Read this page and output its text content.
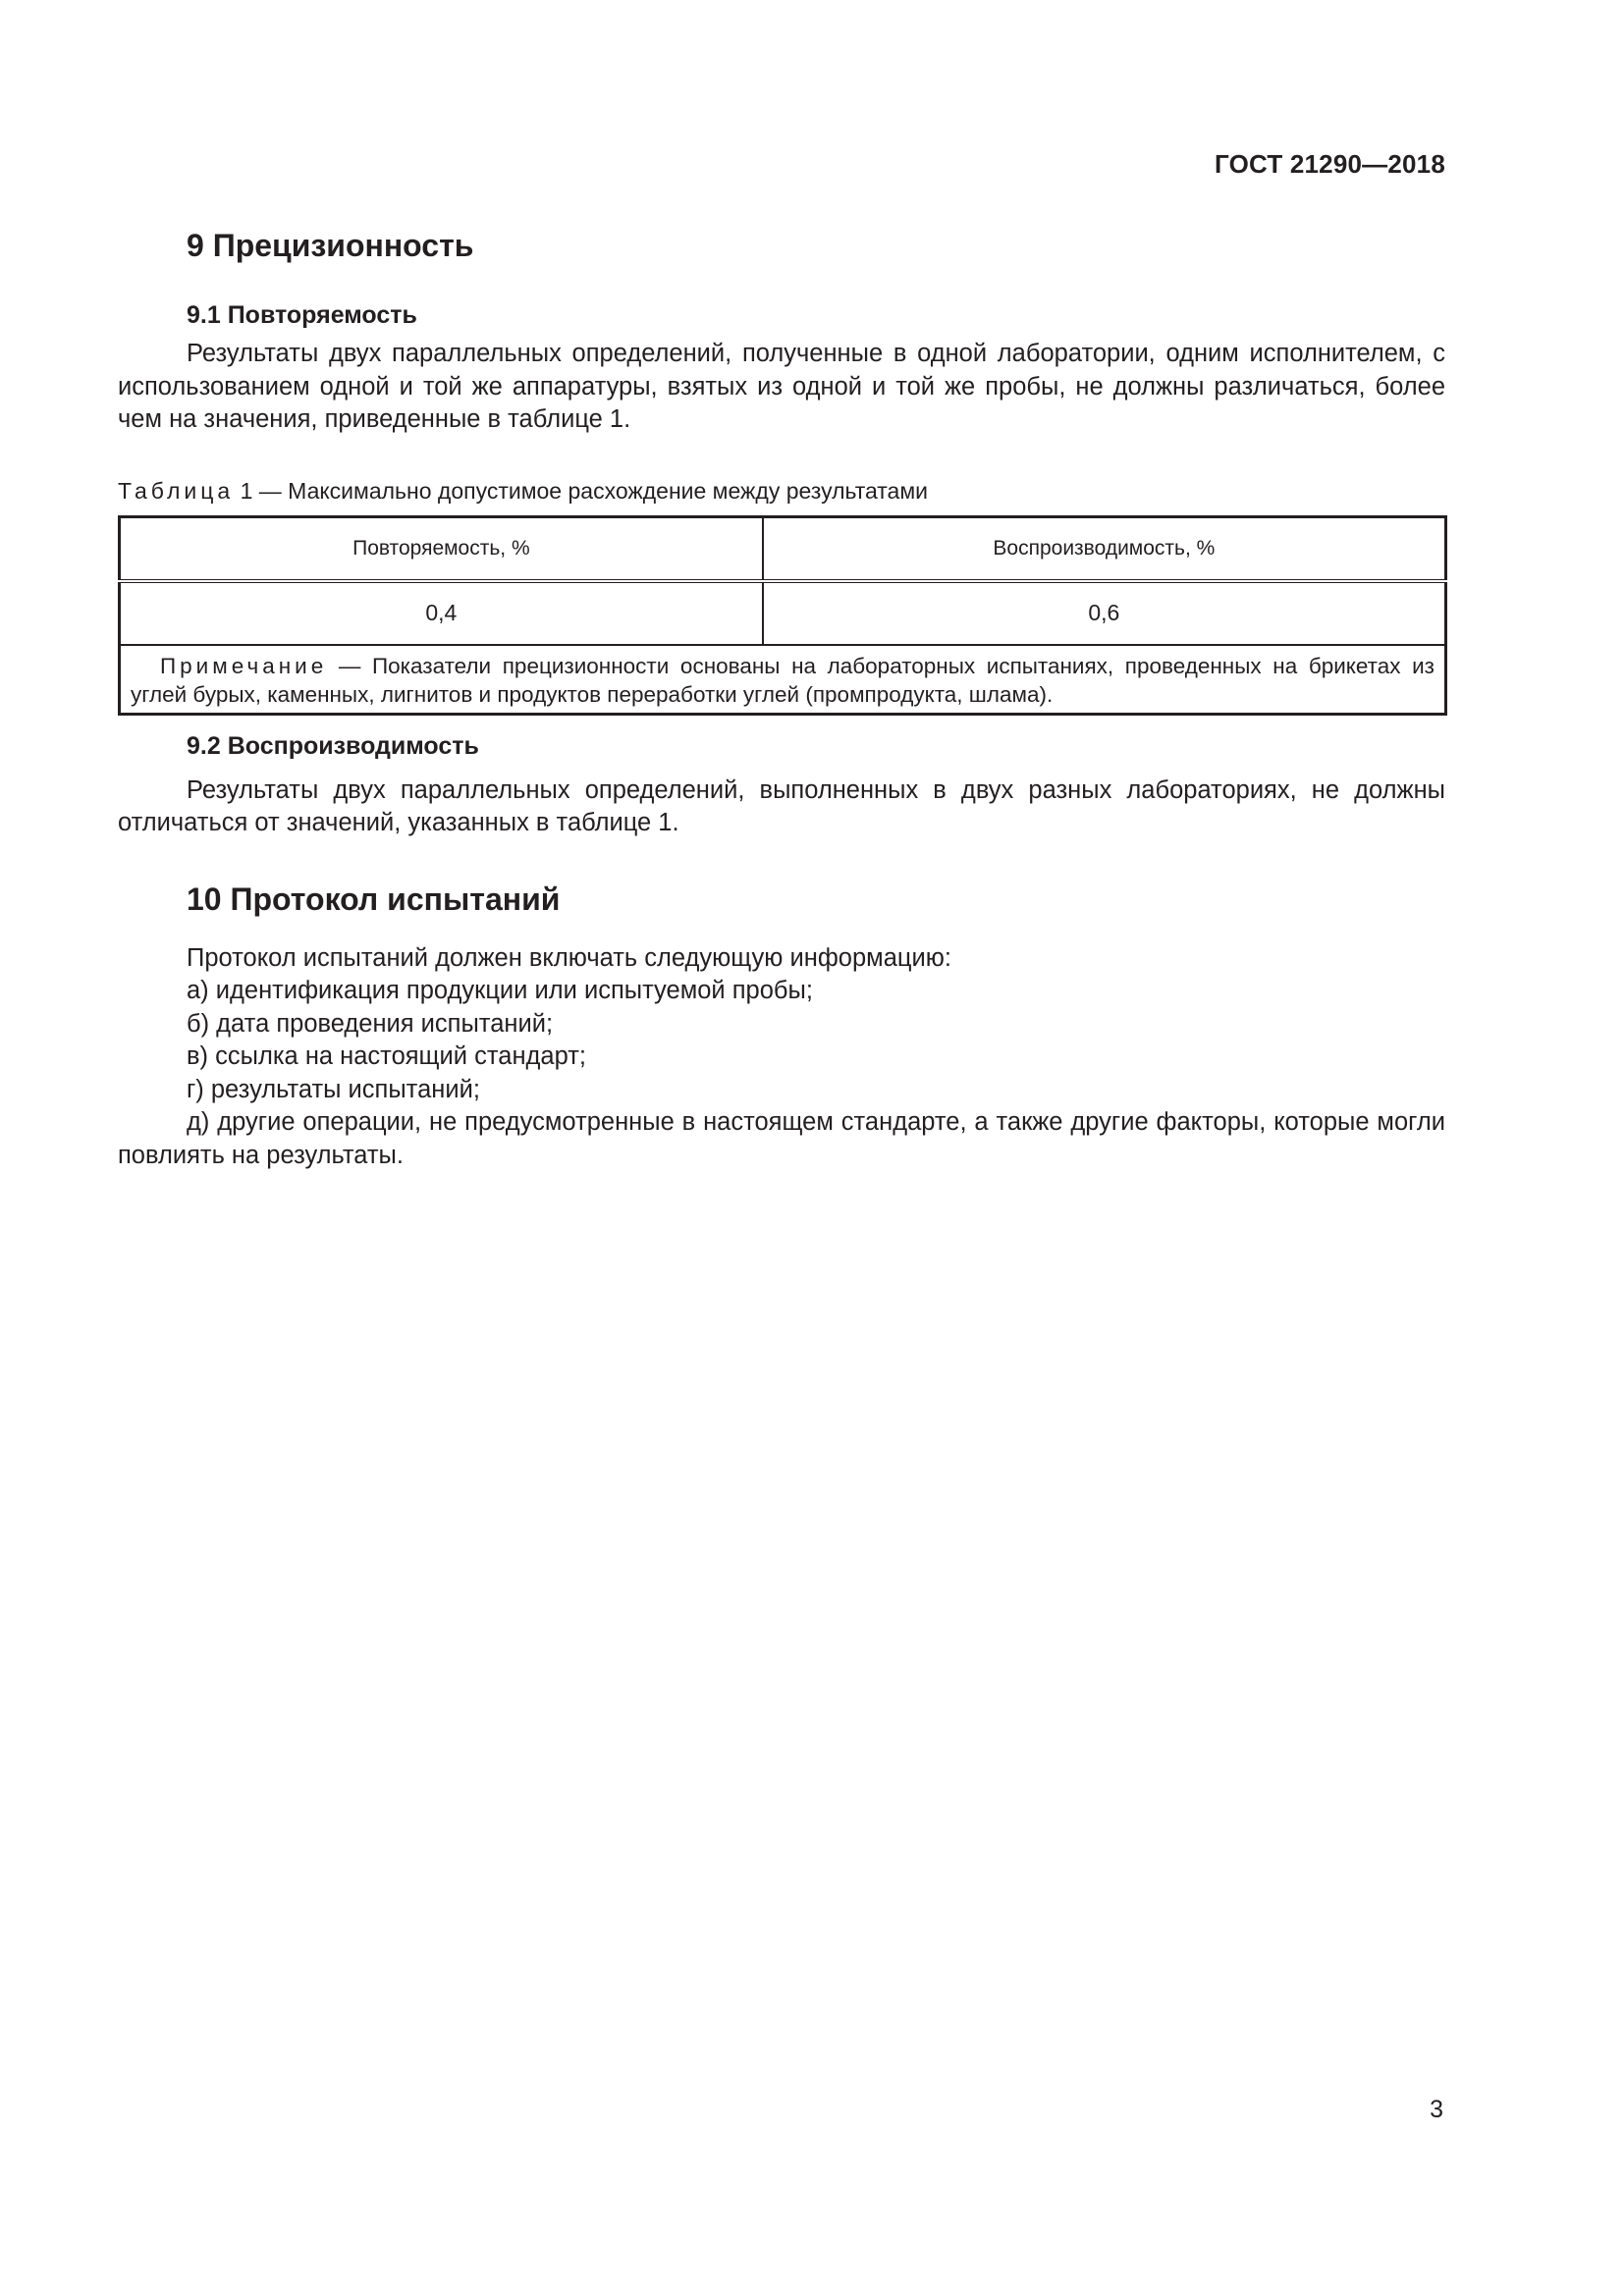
ГОСТ 21290—2018
9 Прецизионность
9.1 Повторяемость

Результаты двух параллельных определений, полученные в одной лаборатории, одним исполнителем, с использованием одной и той же аппаратуры, взятых из одной и той же пробы, не должны различаться, более чем на значения, приведенные в таблице 1.

Таблица 1 — Максимально допустимое расхождение между результатами

Повторяемость, %	Воспроизводимость, %
0,4	0,6
Примечание — Показатели прецизионности основаны на лабораторных испытаниях, проведенных на брикетах из углей бурых, каменных, лигнитов и продуктов переработки углей (промпродукта, шлама).	
9.2 Воспроизводимость

Результаты двух параллельных определений, выполненных в двух разных лабораториях, не должны отличаться от значений, указанных в таблице 1.

10 Протокол испытаний

Протокол испытаний должен включать следующую информацию:

а) идентификация продукции или испытуемой пробы;

б) дата проведения испытаний;

в) ссылка на настоящий стандарт;

г) результаты испытаний;

д) другие операции, не предусмотренные в настоящем стандарте, а также другие факторы, которые могли повлиять на результаты.

3
